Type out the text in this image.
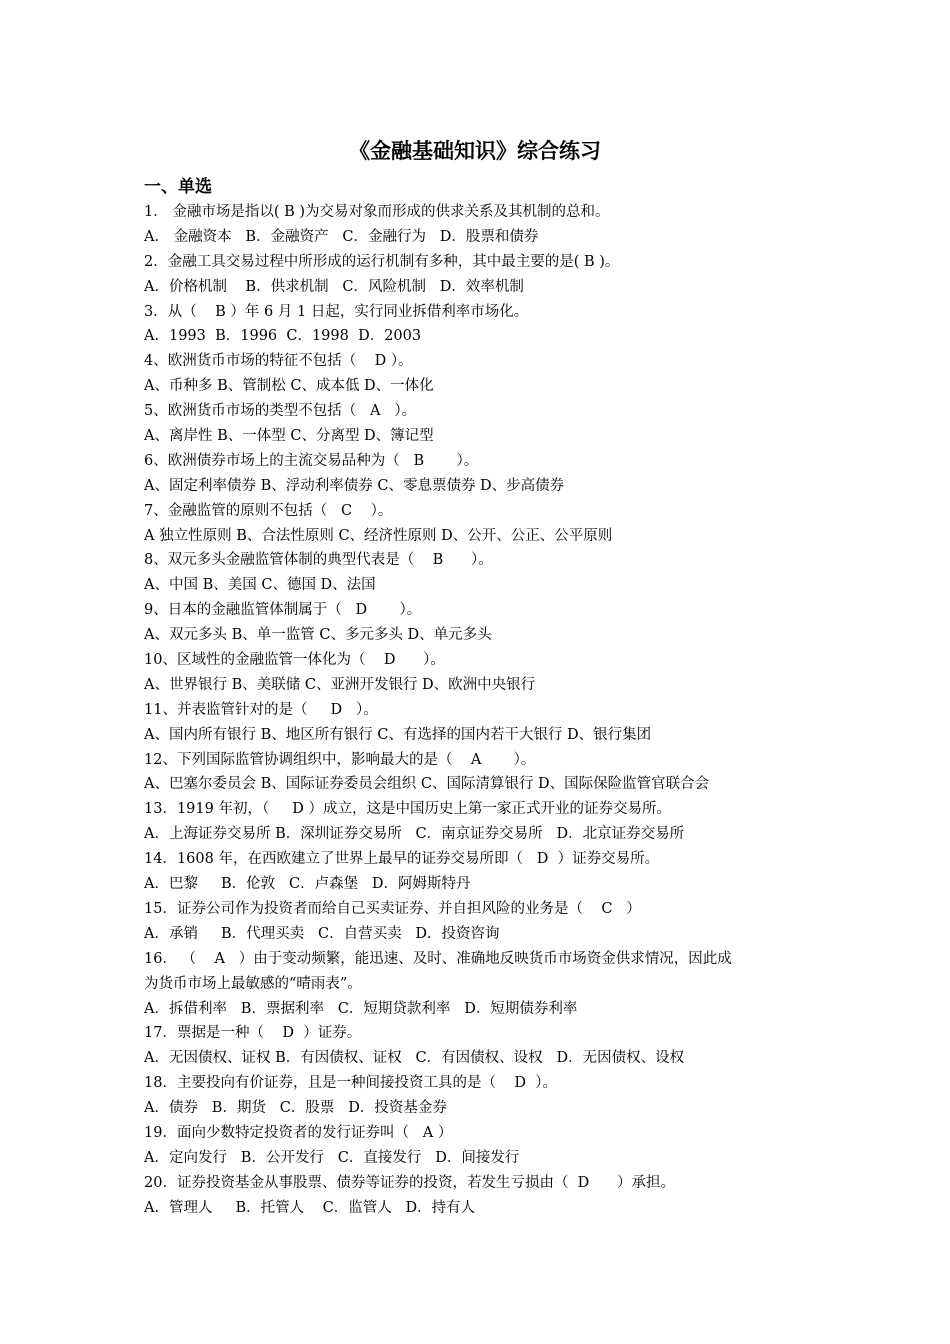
《金融基础知识》综合练习
一、单选
1． 金融市场是指以( B )为交易对象而形成的供求关系及其机制的总和。
A． 金融资本   B．金融资产   C．金融行为   D．股票和债券
2．金融工具交易过程中所形成的运行机制有多种，其中最主要的是( B )。
A．价格机制    B．供求机制   C．风险机制   D．效率机制
3．从（    B ）年 6 月 1 日起，实行同业拆借利率市场化。
A．1993  B．1996  C．1998  D．2003
4、欧洲货币市场的特征不包括（    D ）。
A、币种多 B、管制松 C、成本低 D、一体化
5、欧洲货币市场的类型不包括（   A   ）。
A、离岸性 B、一体型 C、分离型 D、簿记型
6、欧洲债券市场上的主流交易品种为（   B       ）。
A、固定利率债券 B、浮动利率债券 C、零息票债券 D、步高债券
7、金融监管的原则不包括（   C    ）。
A 独立性原则 B、合法性原则 C、经济性原则 D、公开、公正、公平原则
8、双元多头金融监管体制的典型代表是（    B      ）。
A、中国 B、美国 C、德国 D、法国
9、日本的金融监管体制属于（   D       ）。
A、双元多头 B、单一监管 C、多元多头 D、单元多头
10、区域性的金融监管一体化为（    D      ）。
A、世界银行 B、美联储 C、亚洲开发银行 D、欧洲中央银行
11、并表监管针对的是（     D   ）。
A、国内所有银行 B、地区所有银行 C、有选择的国内若干大银行 D、银行集团
12、下列国际监管协调组织中，影响最大的是（    A       ）。
A、巴塞尔委员会 B、国际证券委员会组织 C、国际清算银行 D、国际保险监管官联合会
13．1919 年初，（     D ）成立，这是中国历史上第一家正式开业的证券交易所。
A．上海证券交易所 B．深圳证券交易所   C．南京证券交易所   D．北京证券交易所
14．1608 年，在西欧建立了世界上最早的证券交易所即（   D  ）证券交易所。
A．巴黎     B．伦敦   C．卢森堡   D．阿姆斯特丹
15．证券公司作为投资者而给自己买卖证券、并自担风险的业务是（    C   ）
A．承销     B．代理买卖   C．自营买卖   D．投资咨询
16． （    A   ）由于变动频繁，能迅速、及时、准确地反映货币市场资金供求情况，因此成
为货币市场上最敏感的“晴雨表”。
A．拆借利率   B．票据利率   C．短期贷款利率   D．短期债券利率
17．票据是一种（    D  ）证券。
A．无因债权、证权 B．有因债权、证权   C．有因债权、设权   D．无因债权、设权
18．主要投向有价证券，且是一种间接投资工具的是（    D  ）。
A．债券   B．期货   C．股票   D．投资基金券
19．面向少数特定投资者的发行证券叫（   A ）
A．定向发行   B．公开发行   C．直接发行   D．间接发行
20．证券投资基金从事股票、债券等证券的投资，若发生亏损由（  D      ）承担。
A．管理人     B．托管人    C．监管人   D．持有人
